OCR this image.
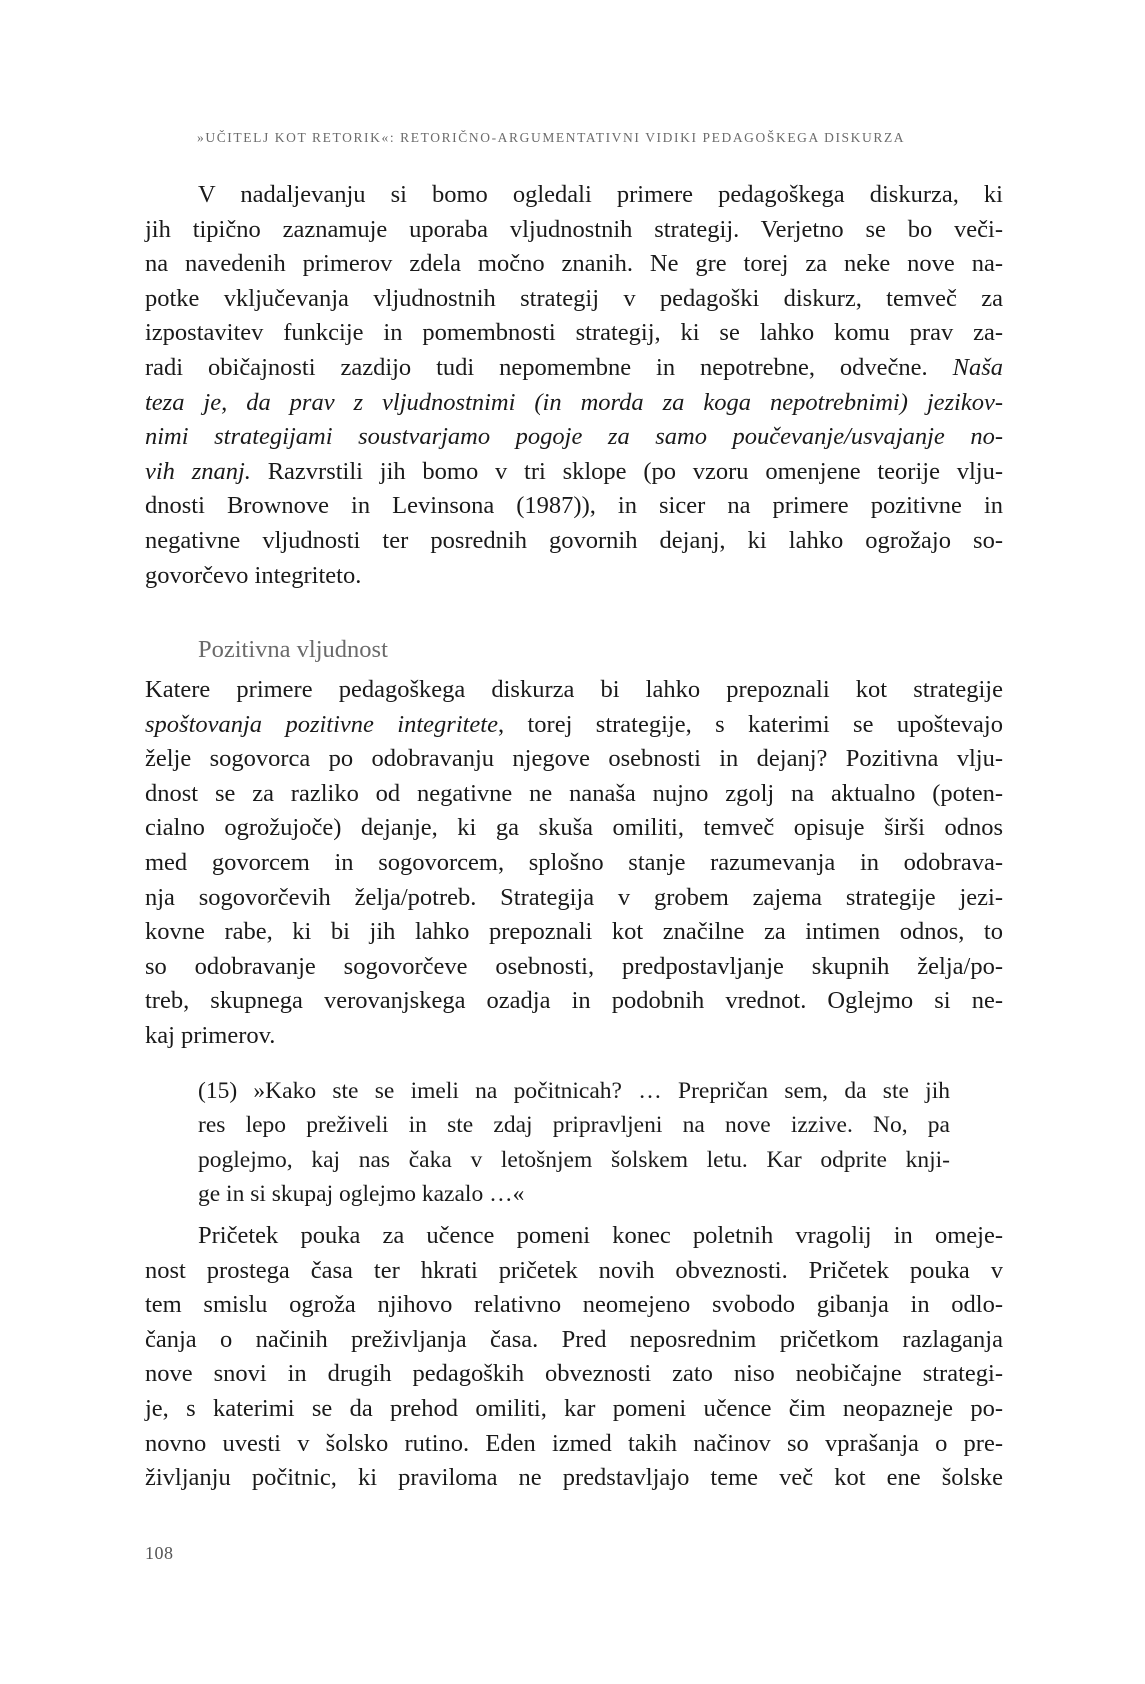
»UČITELJ KOT RETORIK«: RETORIČNO-ARGUMENTATIVNI VIDIKI PEDAGOŠKEGA DISKURZA
V nadaljevanju si bomo ogledali primere pedagoškega diskurza, ki
jih tipično zaznamuje uporaba vljudnostnih strategij. Verjetno se bo veči-
na navedenih primerov zdela močno znanih. Ne gre torej za neke nove na-
potke vključevanja vljudnostnih strategij v pedagoški diskurz, temveč za
izpostavitev funkcije in pomembnosti strategij, ki se lahko komu prav za-
radi običajnosti zazdijo tudi nepomembne in nepotrebne, odvečne. Naša
teza je, da prav z vljudnostnimi (in morda za koga nepotrebnimi) jezikov-
nimi strategijami soustvarjamo pogoje za samo poučevanje/usvajanje no-
vih znanj. Razvrstili jih bomo v tri sklope (po vzoru omenjene teorije vlju-
dnosti Brownove in Levinsona (1987)), in sicer na primere pozitivne in
negativne vljudnosti ter posrednih govornih dejanj, ki lahko ogrožajo so-
govorčevo integriteto.
Pozitivna vljudnost
Katere primere pedagoškega diskurza bi lahko prepoznali kot strategije
spoštovanja pozitivne integritete, torej strategije, s katerimi se upoštevajo
želje sogovorca po odobravanju njegove osebnosti in dejanj? Pozitivna vlju-
dnost se za razliko od negativne ne nanaša nujno zgolj na aktualno (poten-
cialno ogrožujoče) dejanje, ki ga skuša omiliti, temveč opisuje širši odnos
med govorcem in sogovorcem, splošno stanje razumevanja in odobrava-
nja sogovorčevih želja/potreb. Strategija v grobem zajema strategije jezi-
kovne rabe, ki bi jih lahko prepoznali kot značilne za intimen odnos, to
so odobravanje sogovorčeve osebnosti, predpostavljanje skupnih želja/po-
treb, skupnega verovanjskega ozadja in podobnih vrednot. Oglejmo si ne-
kaj primerov.
(15) »Kako ste se imeli na počitnicah? … Prepričan sem, da ste jih
res lepo preživeli in ste zdaj pripravljeni na nove izzive. No, pa
poglejmo, kaj nas čaka v letošnjem šolskem letu. Kar odprite knji-
ge in si skupaj oglejmo kazalo …«
Pričetek pouka za učence pomeni konec poletnih vragolij in omeje-
nost prostega časa ter hkrati pričetek novih obveznosti. Pričetek pouka v
tem smislu ogroža njihovo relativno neomejeno svobodo gibanja in odlo-
čanja o načinih preživljanja časa. Pred neposrednim pričetkom razlaganja
nove snovi in drugih pedagoških obveznosti zato niso neobičajne strategi-
je, s katerimi se da prehod omiliti, kar pomeni učence čim neopazneje po-
novno uvesti v šolsko rutino. Eden izmed takih načinov so vprašanja o pre-
življanju počitnic, ki praviloma ne predstavljajo teme več kot ene šolske
108
